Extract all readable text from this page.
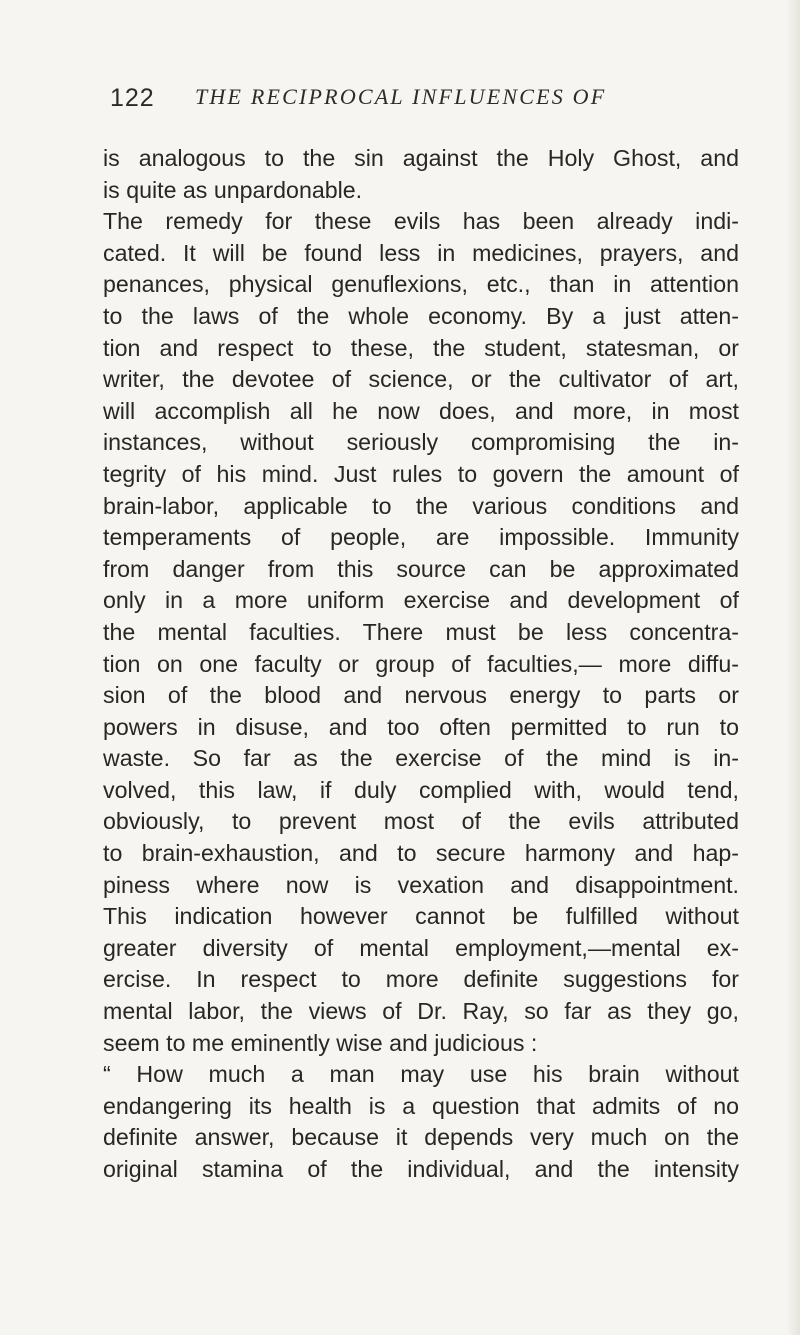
122 THE RECIPROCAL INFLUENCES OF
is analogous to the sin against the Holy Ghost, and
is quite as unpardonable.
The remedy for these evils has been already indi-
cated. It will be found less in medicines, prayers, and
penances, physical genuflexions, etc., than in attention
to the laws of the whole economy. By a just atten-
tion and respect to these, the student, statesman, or
writer, the devotee of science, or the cultivator of art,
will accomplish all he now does, and more, in most
instances, without seriously compromising the in-
tegrity of his mind. Just rules to govern the amount of
brain-labor, applicable to the various conditions and
temperaments of people, are impossible. Immunity
from danger from this source can be approximated
only in a more uniform exercise and development of
the mental faculties. There must be less concentra-
tion on one faculty or group of faculties,— more diffu-
sion of the blood and nervous energy to parts or
powers in disuse, and too often permitted to run to
waste. So far as the exercise of the mind is in-
volved, this law, if duly complied with, would tend,
obviously, to prevent most of the evils attributed
to brain-exhaustion, and to secure harmony and hap-
piness where now is vexation and disappointment.
This indication however cannot be fulfilled without
greater diversity of mental employment,—mental ex-
ercise. In respect to more definite suggestions for
mental labor, the views of Dr. Ray, so far as they go,
seem to me eminently wise and judicious :
“ How much a man may use his brain without
endangering its health is a question that admits of no
definite answer, because it depends very much on the
original stamina of the individual, and the intensity
